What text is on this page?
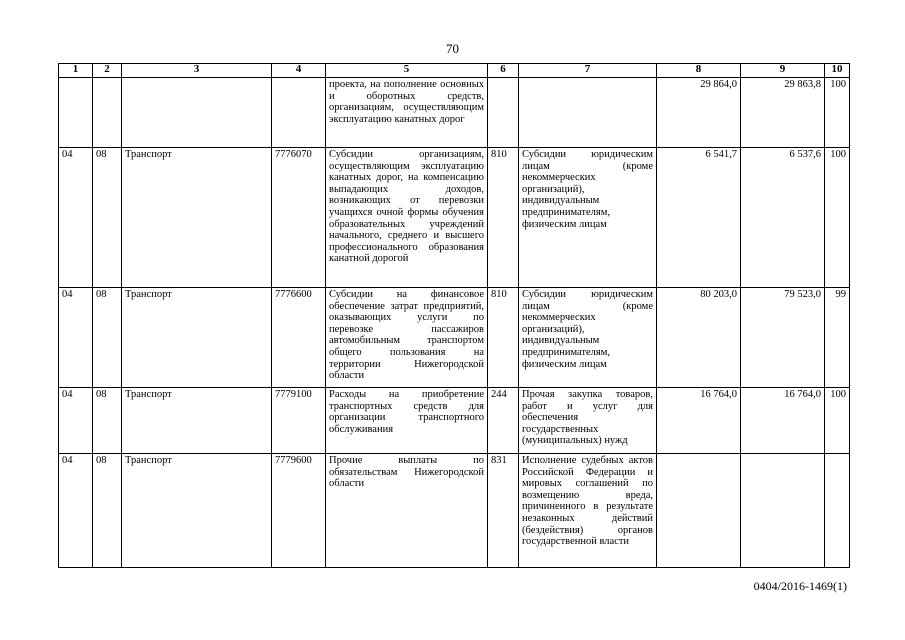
70
1	2	3	4	5	6	7	8	9	10
				проекта, на пополнение основных и оборотных средств, организациям, осуществляющим эксплуатацию канатных дорог			29 864,0	29 863,8	100
04	08	Транспорт	7776070	Субсидии организациям, осуществляющим эксплуатацию канатных дорог, на компенсацию выпадающих доходов, возникающих от перевозки учащихся очной формы обучения образовательных учреждений начального, среднего и высшего профессионального образования канатной дорогой	810	Субсидии юридическим лицам (кроме некоммерческих организаций), индивидуальным предпринимателям, физическим лицам	6 541,7	6 537,6	100
04	08	Транспорт	7776600	Субсидии на финансовое обеспечение затрат предприятий, оказывающих услуги по перевозке пассажиров автомобильным транспортом общего пользования на территории Нижегородской области	810	Субсидии юридическим лицам (кроме некоммерческих организаций), индивидуальным предпринимателям, физическим лицам	80 203,0	79 523,0	99
04	08	Транспорт	7779100	Расходы на приобретение транспортных средств для организации транспортного обслуживания	244	Прочая закупка товаров, работ и услуг для обеспечения государственных (муниципальных) нужд	16 764,0	16 764,0	100
04	08	Транспорт	7779600	Прочие выплаты по обязательствам Нижегородской области	831	Исполнение судебных актов Российской Федерации и мировых соглашений по возмещению вреда, причиненного в результате незаконных действий (бездействия) органов государственной власти			
0404/2016-1469(1)
